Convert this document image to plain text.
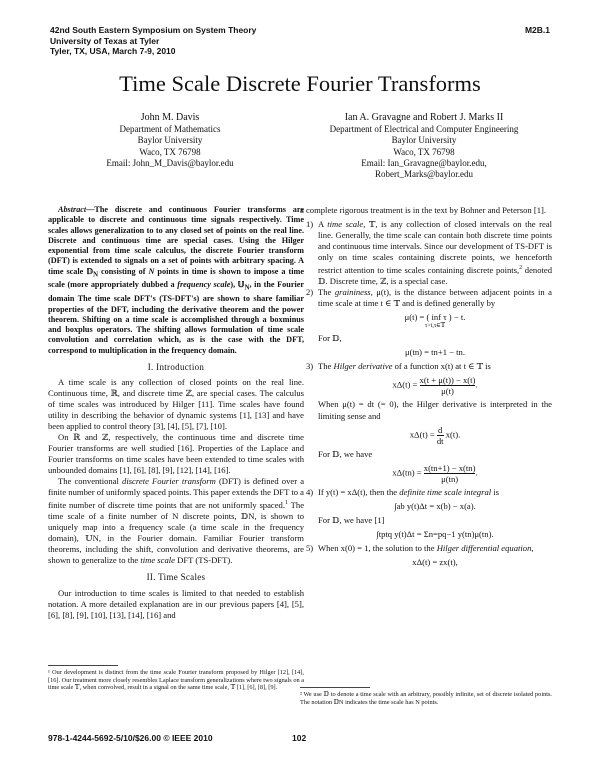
42nd South Eastern Symposium on System Theory
University of Texas at Tyler
Tyler, TX, USA, March 7-9, 2010
M2B.1
Time Scale Discrete Fourier Transforms
John M. Davis
Department of Mathematics
Baylor University
Waco, TX 76798
Email: John_M_Davis@baylor.edu
Ian A. Gravagne and Robert J. Marks II
Department of Electrical and Computer Engineering
Baylor University
Waco, TX 76798
Email: Ian_Gravagne@baylor.edu,
Robert_Marks@baylor.edu

Abstract—The discrete and continuous Fourier transforms are applicable to discrete and continuous time signals respectively. Time scales allows generalization to to any closed set of points on the real line. Discrete and continuous time are special cases. Using the Hilger exponential from time scale calculus, the discrete Fourier transform (DFT) is extended to signals on a set of points with arbitrary spacing. A time scale 𝔻$_N$ consisting of N points in time is shown to impose a time scale (more appropriately dubbed a frequency scale), 𝕌$_N$, in the Fourier domain The time scale DFT's (TS-DFT's) are shown to share familiar properties of the DFT, including the derivative theorem and the power theorem. Shifting on a time scale is accomplished through a boxminus and boxplus operators. The shifting allows formulation of time scale convolution and correlation which, as is the case with the DFT, correspond to multiplication in the frequency domain.

I. Introduction

A time scale is any collection of closed points on the real line. Continuous time, ℝ, and discrete time ℤ, are special cases. The calculus of time scales was introduced by Hilger [11]. Time scales have found utility in describing the behavior of dynamic systems [1], [13] and have been applied to control theory [3], [4], [5], [7], [10].

On ℝ and ℤ, respectively, the continuous time and discrete time Fourier transforms are well studied [16]. Properties of the Laplace and Fourier transforms on time scales have been extended to time scales with unbounded domains [1], [6], [8], [9], [12], [14], [16].

The conventional discrete Fourier transform (DFT) is defined over a finite number of uniformly spaced points. This paper extends the DFT to a finite number of discrete time points that are not uniformly spaced.$^1$ The time scale of a finite number of N discrete points, 𝔻N, is shown to uniquely map into a frequency scale (a time scale in the frequency domain), 𝕌N, in the Fourier domain. Familiar Fourier transform theorems, including the shift, convolution and derivative theorems, are shown to generalize to the time scale DFT (TS-DFT).

II. Time Scales

Our introduction to time scales is limited to that needed to establish notation. A more detailed explanation are in our previous papers [4], [5], [6], [8], [9], [10], [13], [14], [16] and

¹ Our development is distinct from the time scale Fourier transform proposed by Hilger [12], [14], [16]. Our treatment more closely resembles Laplace transform generalizations where two signals on a time scale 𝕋, when convolved, result in a signal on the same time scale, 𝕋 [1], [6], [8], [9].

a complete rigorous treatment is in the text by Bohner and Peterson [1].

1) A time scale, 𝕋, is any collection of closed intervals on the real line. Generally, the time scale can contain both discrete time points and continuous time intervals. Since our development of TS-DFT is only on time scales containing discrete points, we henceforth restrict attention to time scales containing discrete points,$^2$ denoted 𝔻. Discrete time, ℤ, is a special case.

2) The graininess, μ(t), is the distance between adjacent points in a time scale at time t ∈ 𝕋 and is defined generally by

μ(t) = ( inf τ ) − t.
τ>t,τ∈𝕋

For 𝔻,

μ(tn) = tn+1 − tn.
3) The Hilger derivative of a function x(t) at t ∈ 𝕋 is

$x\Delta(t) = \frac{x(t + \mu(t)) - x(t)}{\mu(t)}$ .

When μ(t) = dt (= 0), the Hilger derivative is interpreted in the limiting sense and

$x\Delta(t) = \frac{d}{dt} x(t)$.

For 𝔻, we have

$x\Delta(tn) = \frac{x(tn+1) - x(tn)}{\mu(tn)}$ .
4) If y(t) = xΔ(t), then the definite time scale integral is

∫ab y(t)Δt = x(b) − x(a).

For 𝔻, we have [1]

∫tptq y(t)Δt = Σn=pq−1 y(tn)μ(tn).
5) When x(0) = 1, the solution to the Hilger differential equation,

xΔ(t) = zx(t),
² We use 𝔻 to denote a time scale with an arbitrary, possibly infinite, set of discrete isolated points. The notation 𝔻N indicates the time scale has N points.
978-1-4244-5692-5/10/$26.00 © IEEE 2010	102
